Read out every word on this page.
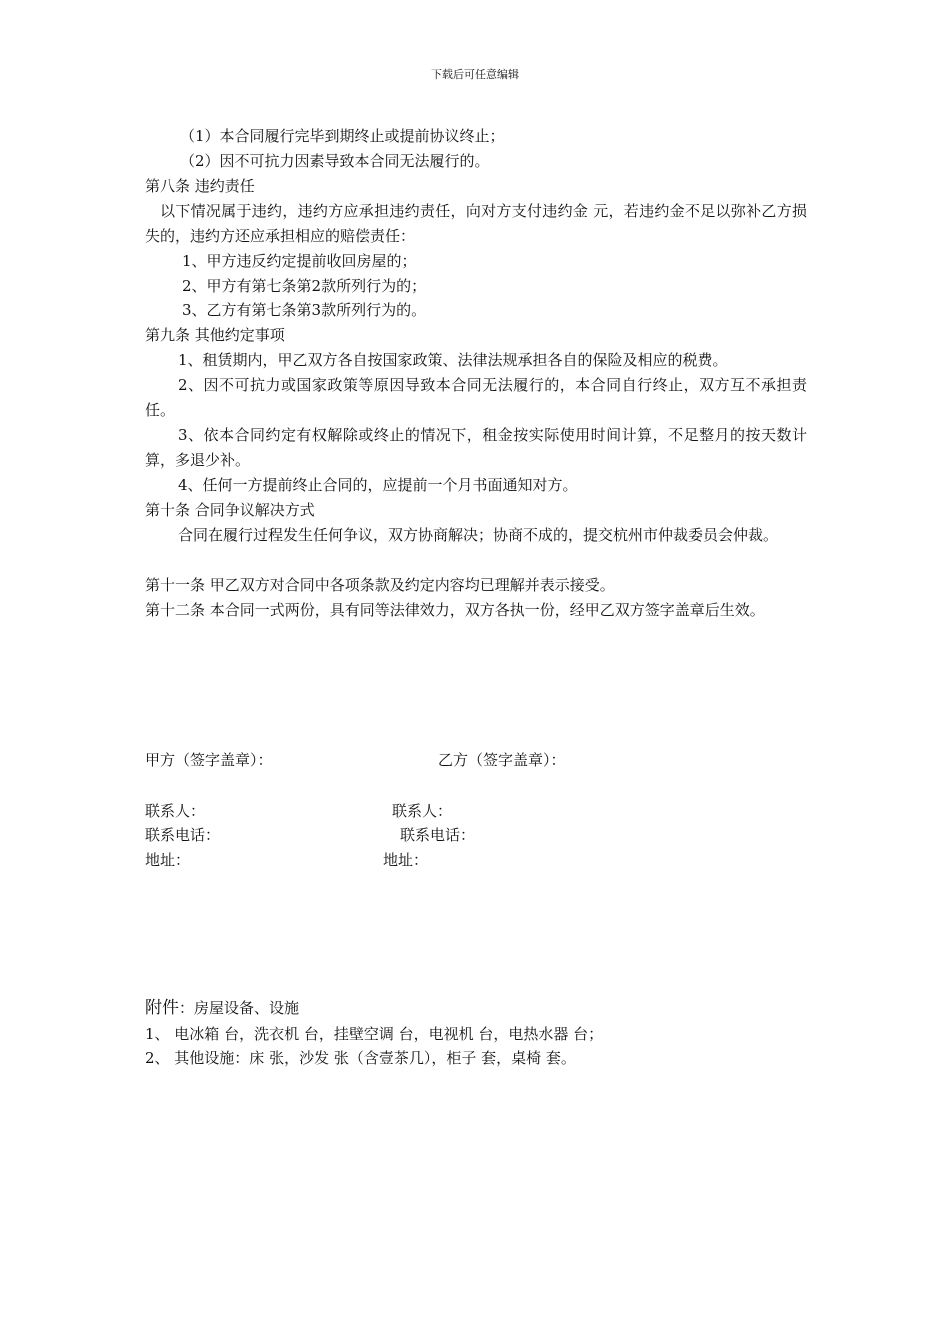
下载后可任意编辑
（1）本合同履行完毕到期终止或提前协议终止；
（2）因不可抗力因素导致本合同无法履行的。
第八条 违约责任
以下情况属于违约，违约方应承担违约责任，向对方支付违约金 元，若违约金不足以弥补乙方损失的，违约方还应承担相应的赔偿责任：
1、甲方违反约定提前收回房屋的；
2、甲方有第七条第2款所列行为的；
3、乙方有第七条第3款所列行为的。
第九条 其他约定事项
1、租赁期内，甲乙双方各自按国家政策、法律法规承担各自的保险及相应的税费。
2、因不可抗力或国家政策等原因导致本合同无法履行的，本合同自行终止，双方互不承担责任。
3、依本合同约定有权解除或终止的情况下，租金按实际使用时间计算，不足整月的按天数计算，多退少补。
4、任何一方提前终止合同的，应提前一个月书面通知对方。
第十条 合同争议解决方式
合同在履行过程发生任何争议，双方协商解决；协商不成的，提交杭州市仲裁委员会仲裁。
第十一条 甲乙双方对合同中各项条款及约定内容均已理解并表示接受。
第十二条 本合同一式两份，具有同等法律效力，双方各执一份，经甲乙双方签字盖章后生效。
甲方（签字盖章）：	乙方（签字盖章）：
联系人：	联系人：
联系电话：	联系电话：
地址：	地址：
附件：房屋设备、设施
1、 电冰箱 台，洗衣机 台，挂壁空调 台，电视机 台，电热水器 台；
2、 其他设施：床 张，沙发 张（含壹茶几），柜子 套，桌椅 套。
